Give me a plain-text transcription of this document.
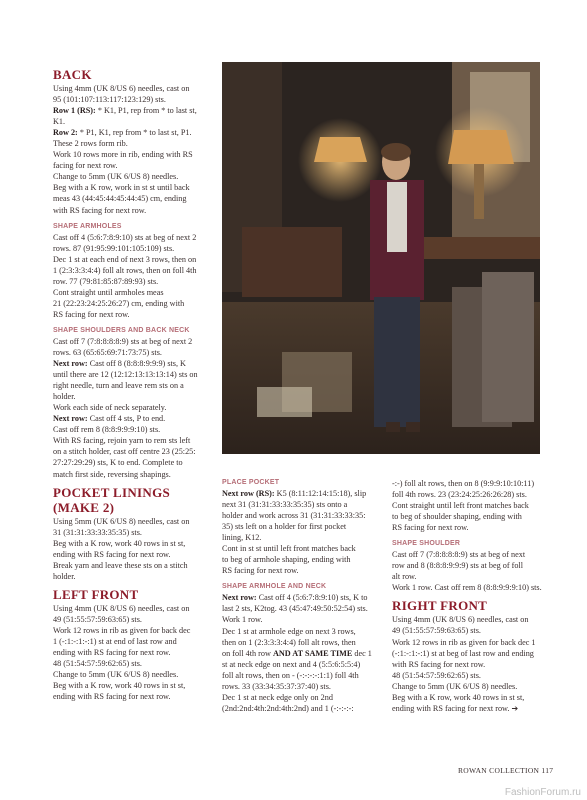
BACK

Using 4mm (UK 8/US 6) needles, cast on

95 (101:107:113:117:123:129) sts.

Row 1 (RS): * K1, P1, rep from * to last st,

K1.

Row 2: * P1, K1, rep from * to last st, P1.

These 2 rows form rib.

Work 10 rows more in rib, ending with RS

facing for next row.

Change to 5mm (UK 6/US 8) needles.

Beg with a K row, work in st st until back

meas 43 (44:45:44:45:44:45) cm, ending

with RS facing for next row.

SHAPE ARMHOLES

Cast off 4 (5:6:7:8:9:10) sts at beg of next 2

rows. 87 (91:95:99:101:105:109) sts.

Dec 1 st at each end of next 3 rows, then on

1 (2:3:3:3:4:4) foll alt rows, then on foll 4th

row. 77 (79:81:85:87:89:93) sts.

Cont straight until armholes meas

21 (22:23:24:25:26:27) cm, ending with

RS facing for next row.

SHAPE SHOULDERS AND BACK NECK

Cast off 7 (7:8:8:8:8:9) sts at beg of next 2

rows. 63 (65:65:69:71:73:75) sts.

Next row: Cast off 8 (8:8:8:9:9:9) sts, K

until there are 12 (12:12:13:13:13:14) sts on

right needle, turn and leave rem sts on a

holder.

Work each side of neck separately.

Next row: Cast off 4 sts, P to end.

Cast off rem 8 (8:8:9:9:9:10) sts.

With RS facing, rejoin yarn to rem sts left

on a stitch holder, cast off centre 23 (25:25:

27:27:29:29) sts, K to end. Complete to

match first side, reversing shapings.

POCKET LININGS
(MAKE 2)

Using 5mm (UK 6/US 8) needles, cast on

31 (31:31:33:33:35:35) sts.

Beg with a K row, work 40 rows in st st,

ending with RS facing for next row.

Break yarn and leave these sts on a stitch

holder.

LEFT FRONT

Using 4mm (UK 8/US 6) needles, cast on

49 (51:55:57:59:63:65) sts.

Work 12 rows in rib as given for back dec

1 (-:1:-:1:-:1) st at end of last row and

ending with RS facing for next row.

48 (51:54:57:59:62:65) sts.

Change to 5mm (UK 6/US 8) needles.

Beg with a K row, work 40 rows in st st,

ending with RS facing for next row.

PLACE POCKET

Next row (RS): K5 (8:11:12:14:15:18), slip

next 31 (31:31:33:33:35:35) sts onto a

holder and work across 31 (31:31:33:33:35:

35) sts left on a holder for first pocket

lining, K12.

Cont in st st until left front matches back

to beg of armhole shaping, ending with

RS facing for next row.

SHAPE ARMHOLE AND NECK

Next row: Cast off 4 (5:6:7:8:9:10) sts, K to

last 2 sts, K2tog. 43 (45:47:49:50:52:54) sts.

Work 1 row.

Dec 1 st at armhole edge on next 3 rows,

then on 1 (2:3:3:3:4:4) foll alt rows, then

on foll 4th row AND AT SAME TIME dec 1

st at neck edge on next and 4 (5:5:6:5:5:4)

foll alt rows, then on - (-:-:-:-:1:1) foll 4th

rows. 33 (33:34:35:37:37:40) sts.

Dec 1 st at neck edge only on 2nd

(2nd:2nd:4th:2nd:4th:2nd) and 1 (-:-:-:-:

-:-) foll alt rows, then on 8 (9:9:9:10:10:11)

foll 4th rows. 23 (23:24:25:26:26:28) sts.

Cont straight until left front matches back

to beg of shoulder shaping, ending with

RS facing for next row.

SHAPE SHOULDER

Cast off 7 (7:8:8:8:8:9) sts at beg of next

row and 8 (8:8:8:9:9:9) sts at beg of foll

alt row.

Work 1 row. Cast off rem 8 (8:8:9:9:9:10) sts.

RIGHT FRONT

Using 4mm (UK 8/US 6) needles, cast on

49 (51:55:57:59:63:65) sts.

Work 12 rows in rib as given for back dec 1

(-:1:-:1:-:1) st at beg of last row and ending

with RS facing for next row.

48 (51:54:57:59:62:65) sts.

Change to 5mm (UK 6/US 8) needles.

Beg with a K row, work 40 rows in st st,

ending with RS facing for next row. ➔

ROWAN COLLECTION 117
FashionForum.ru
